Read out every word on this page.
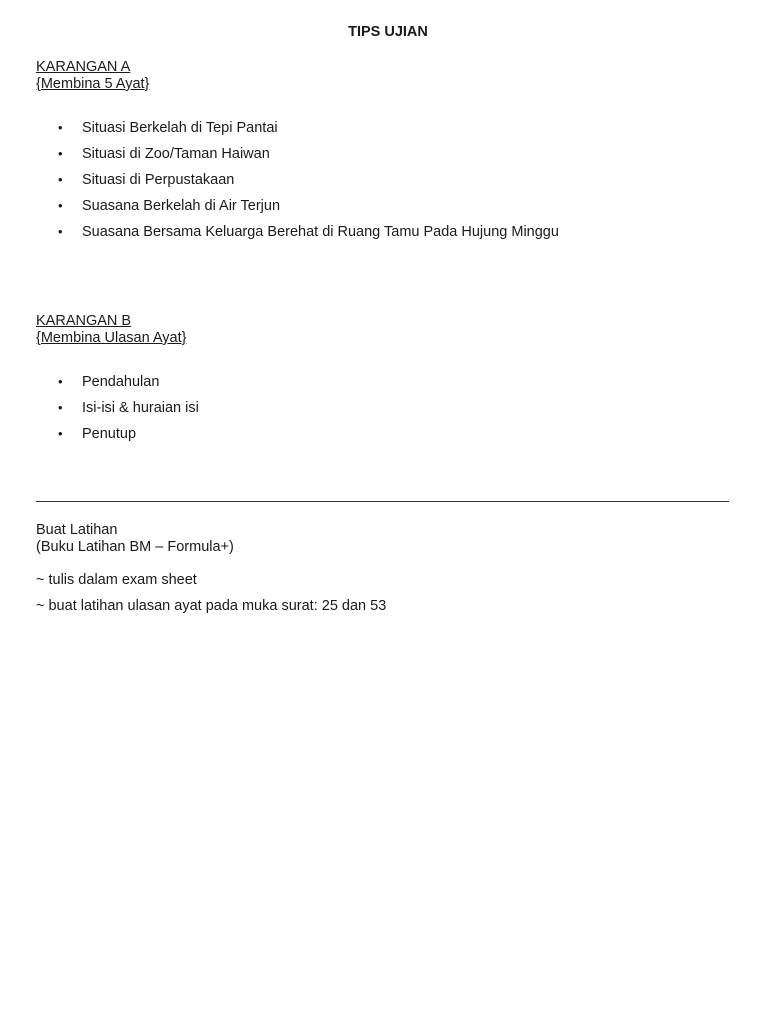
TIPS UJIAN
KARANGAN A
{Membina 5 Ayat}
• Situasi Berkelah di Tepi Pantai
• Situasi di Zoo/Taman Haiwan
• Situasi di Perpustakaan
• Suasana Berkelah di Air Terjun
• Suasana Bersama Keluarga Berehat di Ruang Tamu Pada Hujung Minggu
KARANGAN B
{Membina Ulasan Ayat}
• Pendahulan
• Isi-isi & huraian isi
• Penutup
Buat Latihan
(Buku Latihan BM – Formula+)

~ tulis dalam exam sheet

~ buat latihan ulasan ayat pada muka surat: 25 dan 53
